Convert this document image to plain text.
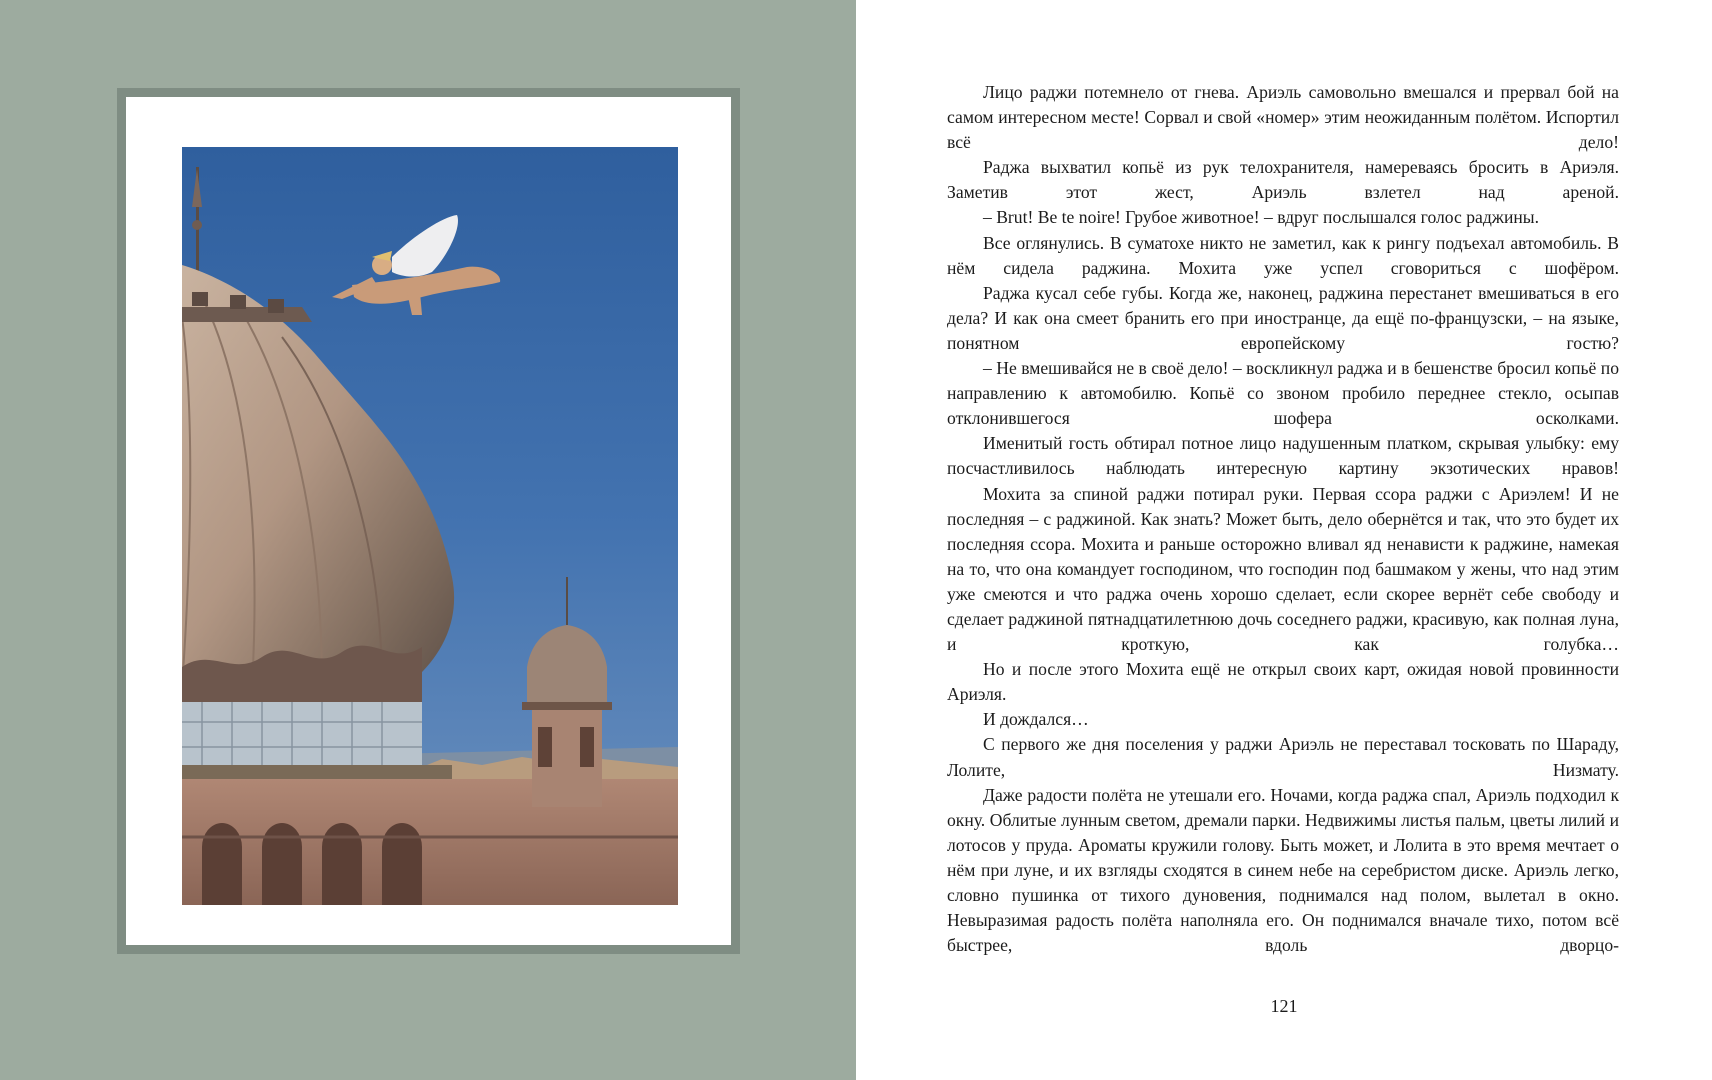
Лицо раджи потемнело от гнева. Ариэль самовольно вмешался и прервал бой на самом интересном месте! Сорвал и свой «номер» этим неожиданным полётом. Испортил всё дело!

Раджа выхватил копьё из рук телохранителя, намереваясь бросить в Ариэля. Заметив этот жест, Ариэль взлетел над ареной.

– Brut! Be te noire! Грубое животное! – вдруг послышался голос раджины.

Все оглянулись. В суматохе никто не заметил, как к рингу подъехал автомобиль. В нём сидела раджина. Мохита уже успел сговориться с шофёром.

Раджа кусал себе губы. Когда же, наконец, раджина перестанет вмешиваться в его дела? И как она смеет бранить его при иностранце, да ещё по-французски, – на языке, понятном европейскому гостю?

– Не вмешивайся не в своё дело! – воскликнул раджа и в бешенстве бросил копьё по направлению к автомобилю. Копьё со звоном пробило переднее стекло, осыпав отклонившегося шофера осколками.

Именитый гость обтирал потное лицо надушенным платком, скрывая улыбку: ему посчастливилось наблюдать интересную картину экзотических нравов!

Мохита за спиной раджи потирал руки. Первая ссора раджи с Ариэлем! И не последняя – с раджиной. Как знать? Может быть, дело обернётся и так, что это будет их последняя ссора. Мохита и раньше осторожно вливал яд ненависти к раджине, намекая на то, что она командует господином, что господин под башмаком у жены, что над этим уже смеются и что раджа очень хорошо сделает, если скорее вернёт себе свободу и сделает раджиной пятнадцатилетнюю дочь соседнего раджи, красивую, как полная луна, и кроткую, как голубка…

Но и после этого Мохита ещё не открыл своих карт, ожидая новой провинности Ариэля.

И дождался…

С первого же дня поселения у раджи Ариэль не переставал тосковать по Шараду, Лолите, Низмату.

Даже радости полёта не утешали его. Ночами, когда раджа спал, Ариэль подходил к окну. Облитые лунным светом, дремали парки. Недвижимы листья пальм, цветы лилий и лотосов у пруда. Ароматы кружили голову. Быть может, и Лолита в это время мечтает о нём при луне, и их взгляды сходятся в синем небе на серебристом диске. Ариэль легко, словно пушинка от тихого дуновения, поднимался над полом, вылетал в окно. Невыразимая радость полёта наполняла его. Он поднимался вначале тихо, потом всё быстрее, вдоль дворцо-

121
